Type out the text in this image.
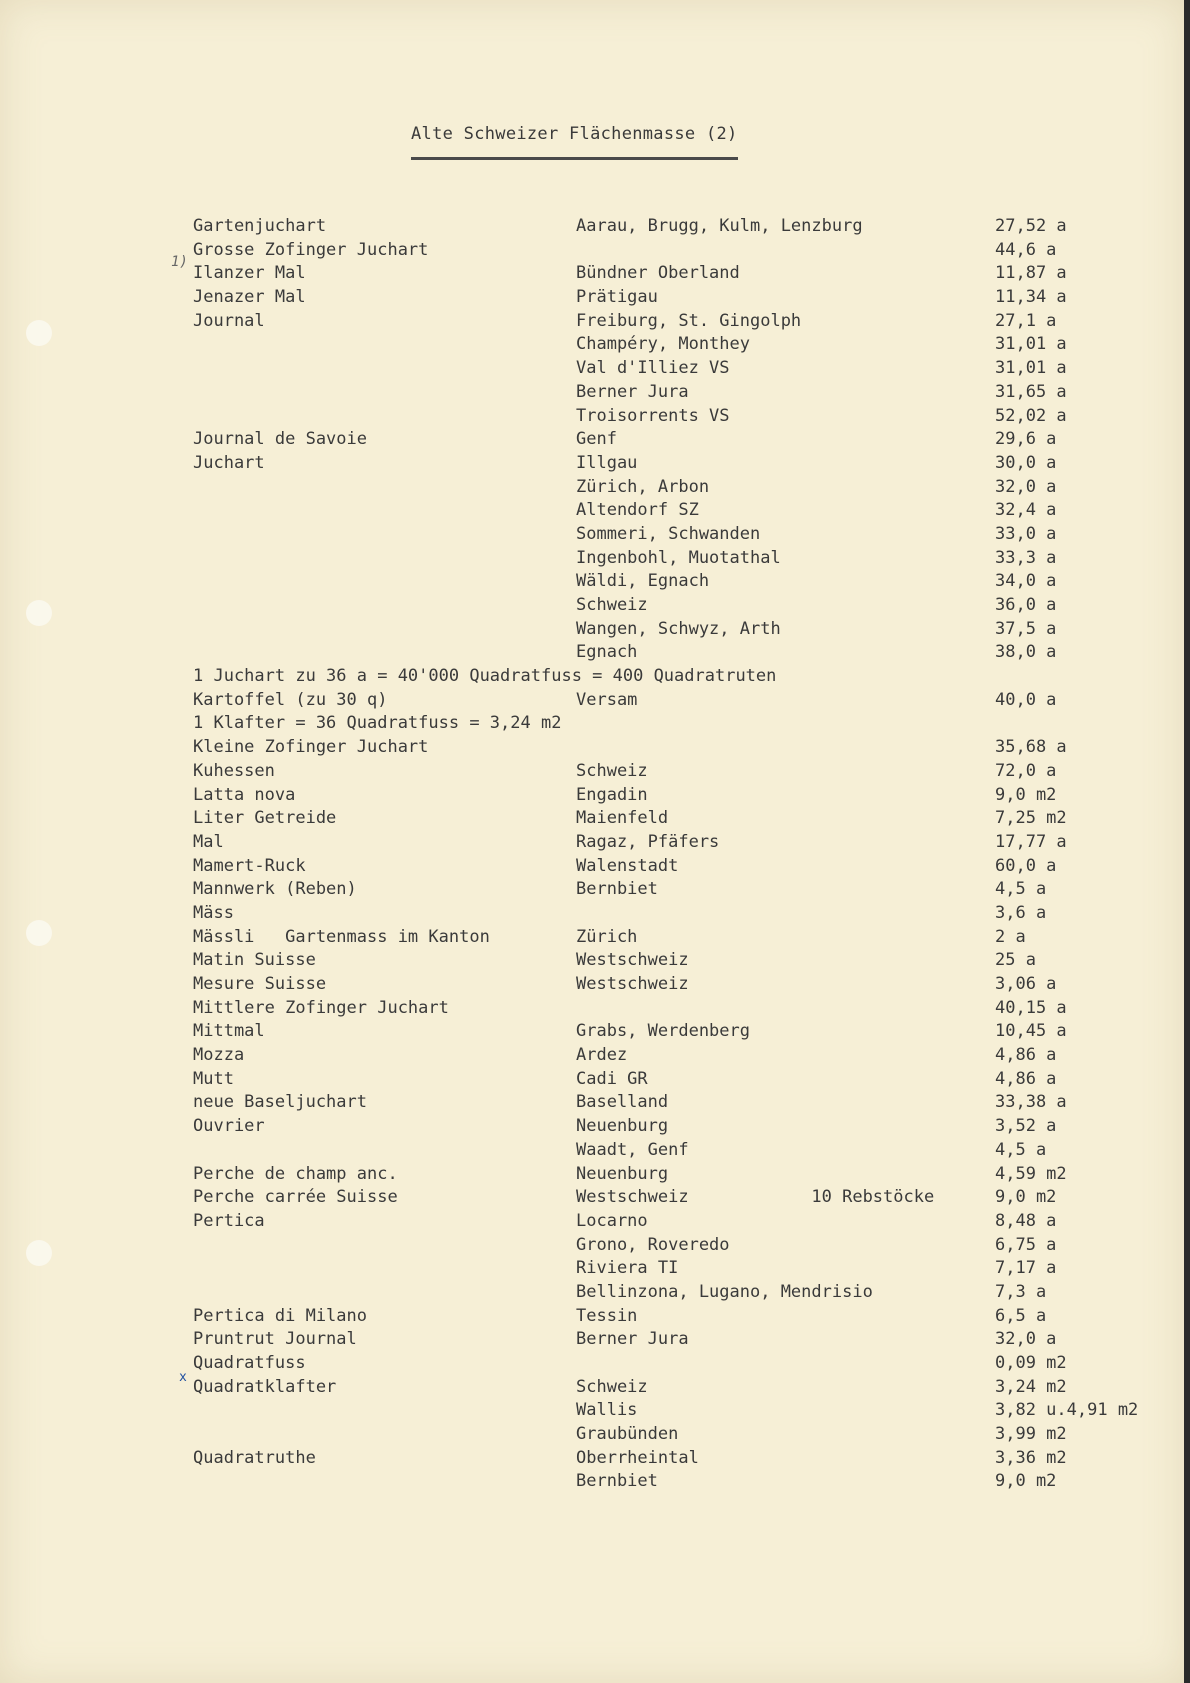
Alte Schweizer Flächenmasse (2)
1)
x
Gartenjuchart	Aarau, Brugg, Kulm, Lenzburg	27,52 a
Grosse Zofinger Juchart	44,6 a
Ilanzer Mal	Bündner Oberland	11,87 a
Jenazer Mal	Prätigau	11,34 a
Journal	Freiburg, St. Gingolph	27,1 a
Champéry, Monthey	31,01 a
Val d'Illiez VS	31,01 a
Berner Jura	31,65 a
Troisorrents VS	52,02 a
Journal de Savoie	Genf	29,6 a
Juchart	Illgau	30,0 a
Zürich, Arbon	32,0 a
Altendorf SZ	32,4 a
Sommeri, Schwanden	33,0 a
Ingenbohl, Muotathal	33,3 a
Wäldi, Egnach	34,0 a
Schweiz	36,0 a
Wangen, Schwyz, Arth	37,5 a
Egnach	38,0 a
1 Juchart zu 36 a = 40'000 Quadratfuss = 400 Quadratruten
Kartoffel (zu 30 q)	Versam	40,0 a
1 Klafter = 36 Quadratfuss = 3,24 m2
Kleine Zofinger Juchart	35,68 a
Kuhessen	Schweiz	72,0 a
Latta nova	Engadin	9,0 m2
Liter Getreide	Maienfeld	7,25 m2
Mal	Ragaz, Pfäfers	17,77 a
Mamert-Ruck	Walenstadt	60,0 a
Mannwerk (Reben)	Bernbiet	4,5 a
Mäss	3,6 a
Mässli   Gartenmass im Kanton	Zürich	2 a
Matin Suisse	Westschweiz	25 a
Mesure Suisse	Westschweiz	3,06 a
Mittlere Zofinger Juchart	40,15 a
Mittmal	Grabs, Werdenberg	10,45 a
Mozza	Ardez	4,86 a
Mutt	Cadi GR	4,86 a
neue Baseljuchart	Baselland	33,38 a
Ouvrier	Neuenburg	3,52 a
Waadt, Genf	4,5 a
Perche de champ anc.	Neuenburg	4,59 m2
Perche carrée Suisse	Westschweiz            10 Rebstöcke	9,0 m2
Pertica	Locarno	8,48 a
Grono, Roveredo	6,75 a
Riviera TI	7,17 a
Bellinzona, Lugano, Mendrisio	7,3 a
Pertica di Milano	Tessin	6,5 a
Pruntrut Journal	Berner Jura	32,0 a
Quadratfuss	0,09 m2
Quadratklafter	Schweiz	3,24 m2
Wallis	3,82 u.4,91 m2
Graubünden	3,99 m2
Quadratruthe	Oberrheintal	3,36 m2
Bernbiet	9,0 m2
